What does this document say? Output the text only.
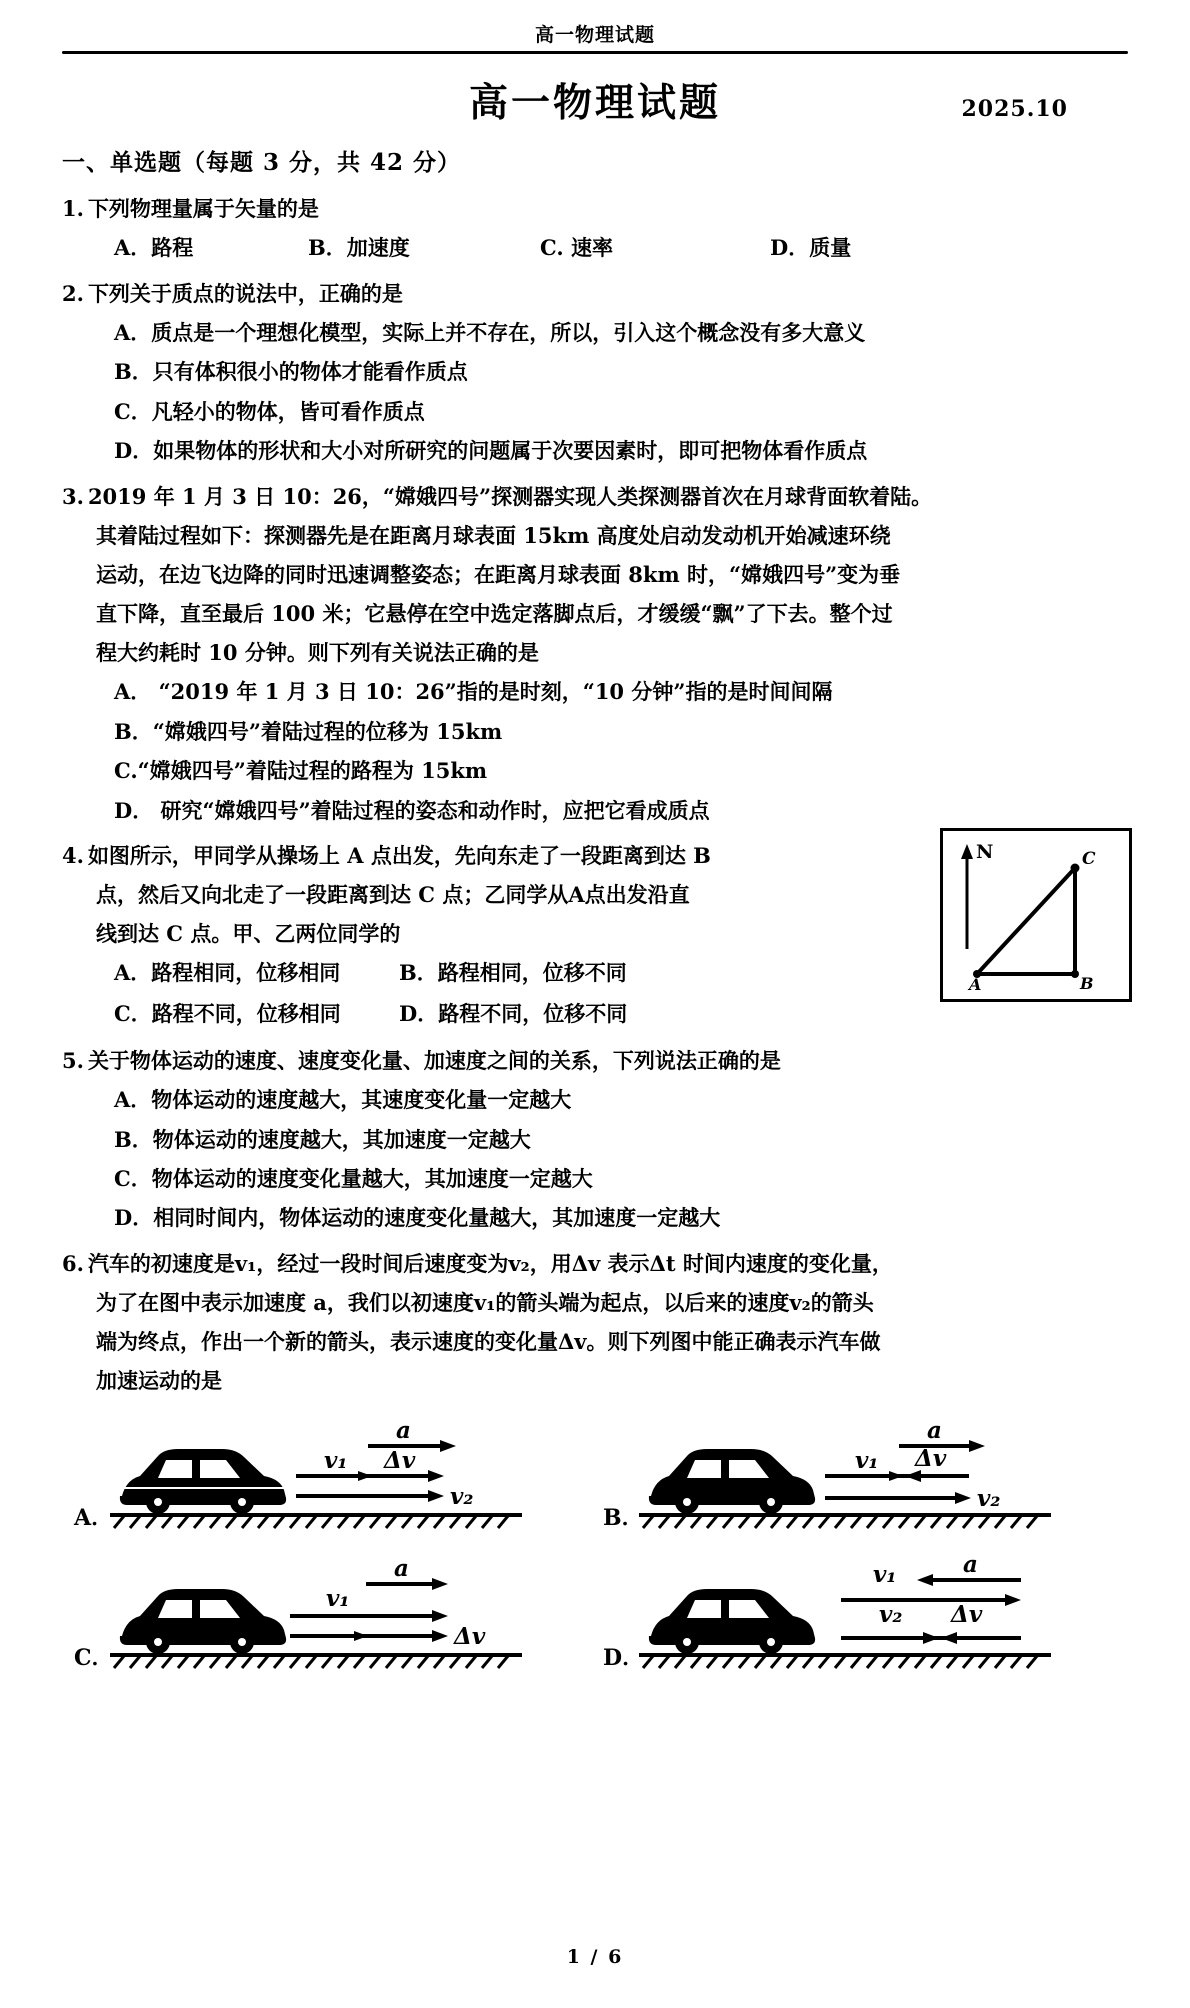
高一物理试题
高一物理试题	2025.10
一、单选题（每题 3 分，共 42 分）
1. 下列物理量属于矢量的是
A．路程	B．加速度	C. 速率	D．质量
2. 下列关于质点的说法中，正确的是
A．质点是一个理想化模型，实际上并不存在，所以，引入这个概念没有多大意义
B．只有体积很小的物体才能看作质点
C．凡轻小的物体，皆可看作质点
D．如果物体的形状和大小对所研究的问题属于次要因素时，即可把物体看作质点
3. 2019 年 1 月 3 日 10：26，“嫦娥四号”探测器实现人类探测器首次在月球背面软着陆。
其着陆过程如下：探测器先是在距离月球表面 15km 高度处启动发动机开始减速环绕
运动，在边飞边降的同时迅速调整姿态；在距离月球表面 8km 时，“嫦娥四号”变为垂
直下降，直至最后 100 米；它悬停在空中选定落脚点后，才缓缓“飘”了下去。整个过
程大约耗时 10 分钟。则下列有关说法正确的是
A． “2019 年 1 月 3 日 10：26”指的是时刻，“10 分钟”指的是时间间隔
B．“嫦娥四号”着陆过程的位移为 15km
C.“嫦娥四号”着陆过程的路程为 15km
D． 研究“嫦娥四号”着陆过程的姿态和动作时，应把它看成质点
4. 如图所示，甲同学从操场上 A 点出发，先向东走了一段距离到达 B
点，然后又向北走了一段距离到达 C 点；乙同学从A点出发沿直
线到达 C 点。甲、乙两位同学的
N
A	B
C
A．路程相同，位移相同	B．路程相同，位移不同
C．路程不同，位移相同	D．路程不同，位移不同
5. 关于物体运动的速度、速度变化量、加速度之间的关系，下列说法正确的是
A．物体运动的速度越大，其速度变化量一定越大
B．物体运动的速度越大，其加速度一定越大
C．物体运动的速度变化量越大，其加速度一定越大
D．相同时间内，物体运动的速度变化量越大，其加速度一定越大
6. 汽车的初速度是v₁，经过一段时间后速度变为v₂，用Δv 表示Δt 时间内速度的变化量，
为了在图中表示加速度 a，我们以初速度v₁的箭头端为起点，以后来的速度v₂的箭头
端为终点，作出一个新的箭头，表示速度的变化量Δv。则下列图中能正确表示汽车做
加速运动的是
A．
a
v₁ Δv
v₂
B．
a
v₁ Δv
v₂
C．
a
v₁
v₂	Δv
D．
a
v₁
v₂ Δv
1 / 6
